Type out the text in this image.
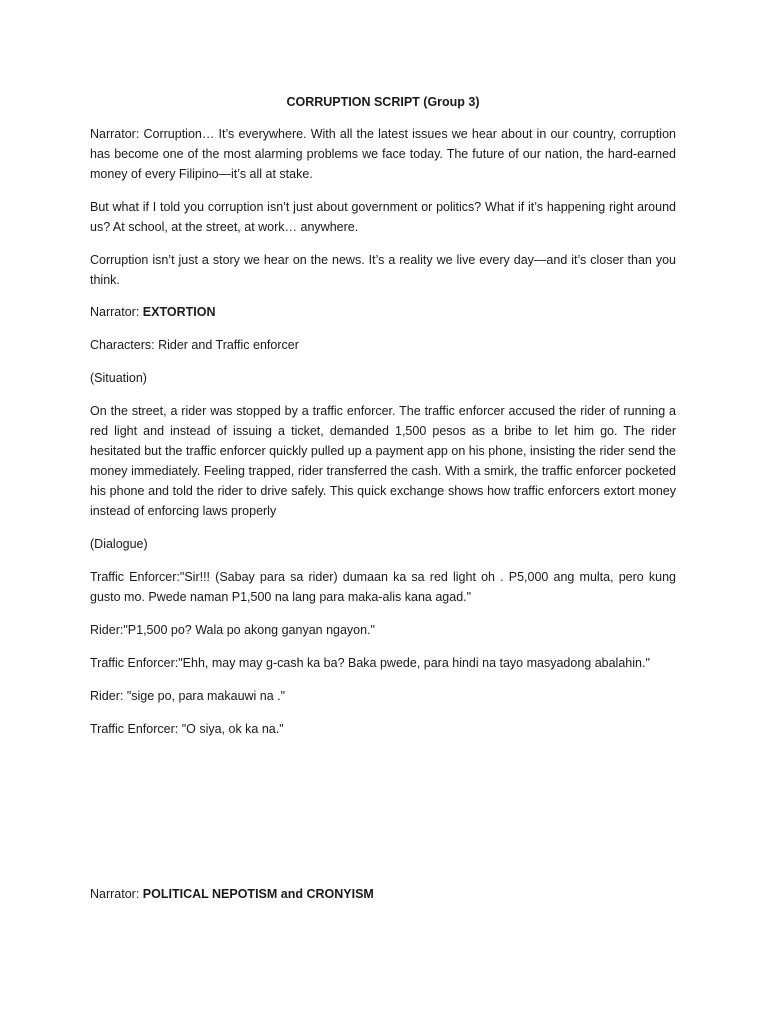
CORRUPTION SCRIPT (Group 3)

Narrator: Corruption… It’s everywhere. With all the latest issues we hear about in our country, corruption has become one of the most alarming problems we face today. The future of our nation, the hard-earned money of every Filipino—it’s all at stake.

But what if I told you corruption isn’t just about government or politics? What if it’s happening right around us? At school, at the street, at work… anywhere.

Corruption isn’t just a story we hear on the news. It’s a reality we live every day—and it’s closer than you think.

Narrator: EXTORTION

Characters: Rider and Traffic enforcer

(Situation)

On the street, a rider was stopped by a traffic enforcer. The traffic enforcer accused the rider of running a red light and instead of issuing a ticket, demanded 1,500 pesos as a bribe to let him go. The rider hesitated but the traffic enforcer quickly pulled up a payment app on his phone, insisting the rider send the money immediately. Feeling trapped, rider transferred the cash. With a smirk, the traffic enforcer pocketed his phone and told the rider to drive safely. This quick exchange shows how traffic enforcers extort money instead of enforcing laws properly

(Dialogue)

Traffic Enforcer:"Sir!!! (Sabay para sa rider) dumaan ka sa red light oh . P5,000 ang multa, pero kung gusto mo. Pwede naman P1,500 na lang para maka-alis kana agad."

Rider:"P1,500 po? Wala po akong ganyan ngayon."

Traffic Enforcer:"Ehh, may may g-cash ka ba? Baka pwede, para hindi na tayo masyadong abalahin."

Rider: "sige po, para makauwi na ."

Traffic Enforcer: "O siya, ok ka na."

Narrator: POLITICAL NEPOTISM and CRONYISM
